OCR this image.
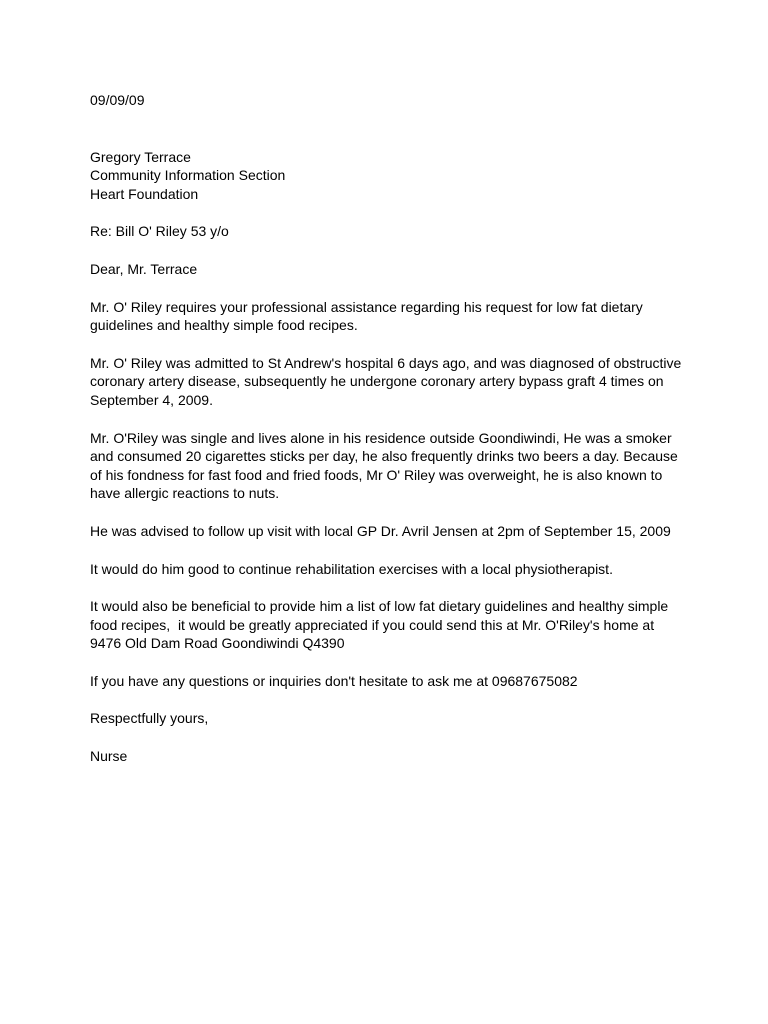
09/09/09
Gregory Terrace
Community Information Section
Heart Foundation
Re: Bill O' Riley 53 y/o
Dear, Mr. Terrace
Mr. O' Riley requires your professional assistance regarding his request for low fat dietary
guidelines and healthy simple food recipes.
Mr. O' Riley was admitted to St Andrew's hospital 6 days ago, and was diagnosed of obstructive
coronary artery disease, subsequently he undergone coronary artery bypass graft 4 times on
September 4, 2009.
Mr. O'Riley was single and lives alone in his residence outside Goondiwindi, He was a smoker
and consumed 20 cigarettes sticks per day, he also frequently drinks two beers a day. Because
of his fondness for fast food and fried foods, Mr O' Riley was overweight, he is also known to
have allergic reactions to nuts.
He was advised to follow up visit with local GP Dr. Avril Jensen at 2pm of September 15, 2009
It would do him good to continue rehabilitation exercises with a local physiotherapist.
It would also be beneficial to provide him a list of low fat dietary guidelines and healthy simple
food recipes,  it would be greatly appreciated if you could send this at Mr. O'Riley's home at
9476 Old Dam Road Goondiwindi Q4390
If you have any questions or inquiries don't hesitate to ask me at 09687675082
Respectfully yours,
Nurse
